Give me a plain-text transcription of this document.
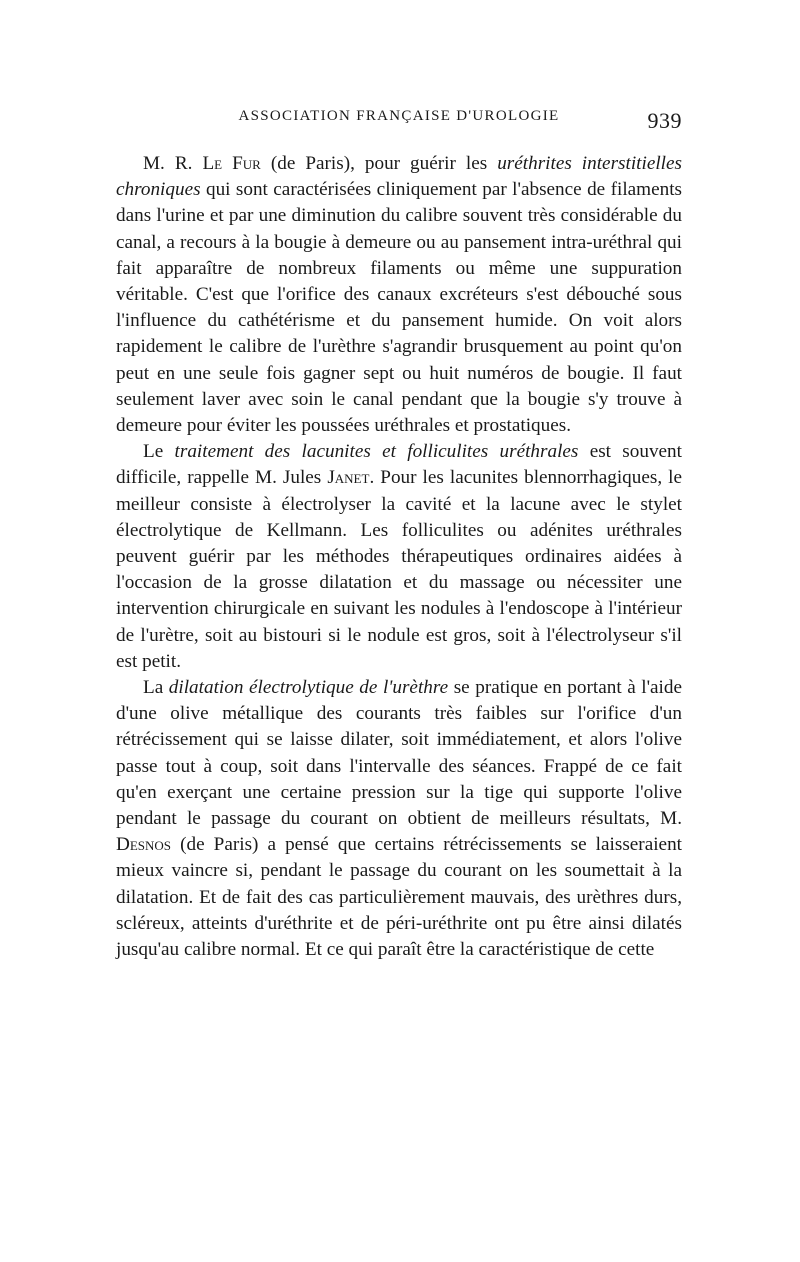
ASSOCIATION FRANÇAISE D'UROLOGIE	939

M. R. Le Fur (de Paris), pour guérir les uréthrites interstitielles chroniques qui sont caractérisées cliniquement par l'absence de filaments dans l'urine et par une diminution du calibre souvent très considérable du canal, a recours à la bougie à demeure ou au pansement intra-uréthral qui fait apparaître de nombreux filaments ou même une suppuration véritable. C'est que l'orifice des canaux excréteurs s'est débouché sous l'influence du cathétérisme et du pansement humide. On voit alors rapidement le calibre de l'urèthre s'agrandir brusquement au point qu'on peut en une seule fois gagner sept ou huit numéros de bougie. Il faut seulement laver avec soin le canal pendant que la bougie s'y trouve à demeure pour éviter les poussées uréthrales et prostatiques.

Le traitement des lacunites et folliculites uréthrales est souvent difficile, rappelle M. Jules Janet. Pour les lacunites blennorrhagiques, le meilleur consiste à électrolyser la cavité et la lacune avec le stylet électrolytique de Kellmann. Les folliculites ou adénites uréthrales peuvent guérir par les méthodes thérapeutiques ordinaires aidées à l'occasion de la grosse dilatation et du massage ou nécessiter une intervention chirurgicale en suivant les nodules à l'endoscope à l'intérieur de l'urètre, soit au bistouri si le nodule est gros, soit à l'électrolyseur s'il est petit.

La dilatation électrolytique de l'urèthre se pratique en portant à l'aide d'une olive métallique des courants très faibles sur l'orifice d'un rétrécissement qui se laisse dilater, soit immédiatement, et alors l'olive passe tout à coup, soit dans l'intervalle des séances. Frappé de ce fait qu'en exerçant une certaine pression sur la tige qui supporte l'olive pendant le passage du courant on obtient de meilleurs résultats, M. Desnos (de Paris) a pensé que certains rétrécissements se laisseraient mieux vaincre si, pendant le passage du courant on les soumettait à la dilatation. Et de fait des cas particulièrement mauvais, des urèthres durs, scléreux, atteints d'uréthrite et de péri-uréthrite ont pu être ainsi dilatés jusqu'au calibre normal. Et ce qui paraît être la caractéristique de cette
